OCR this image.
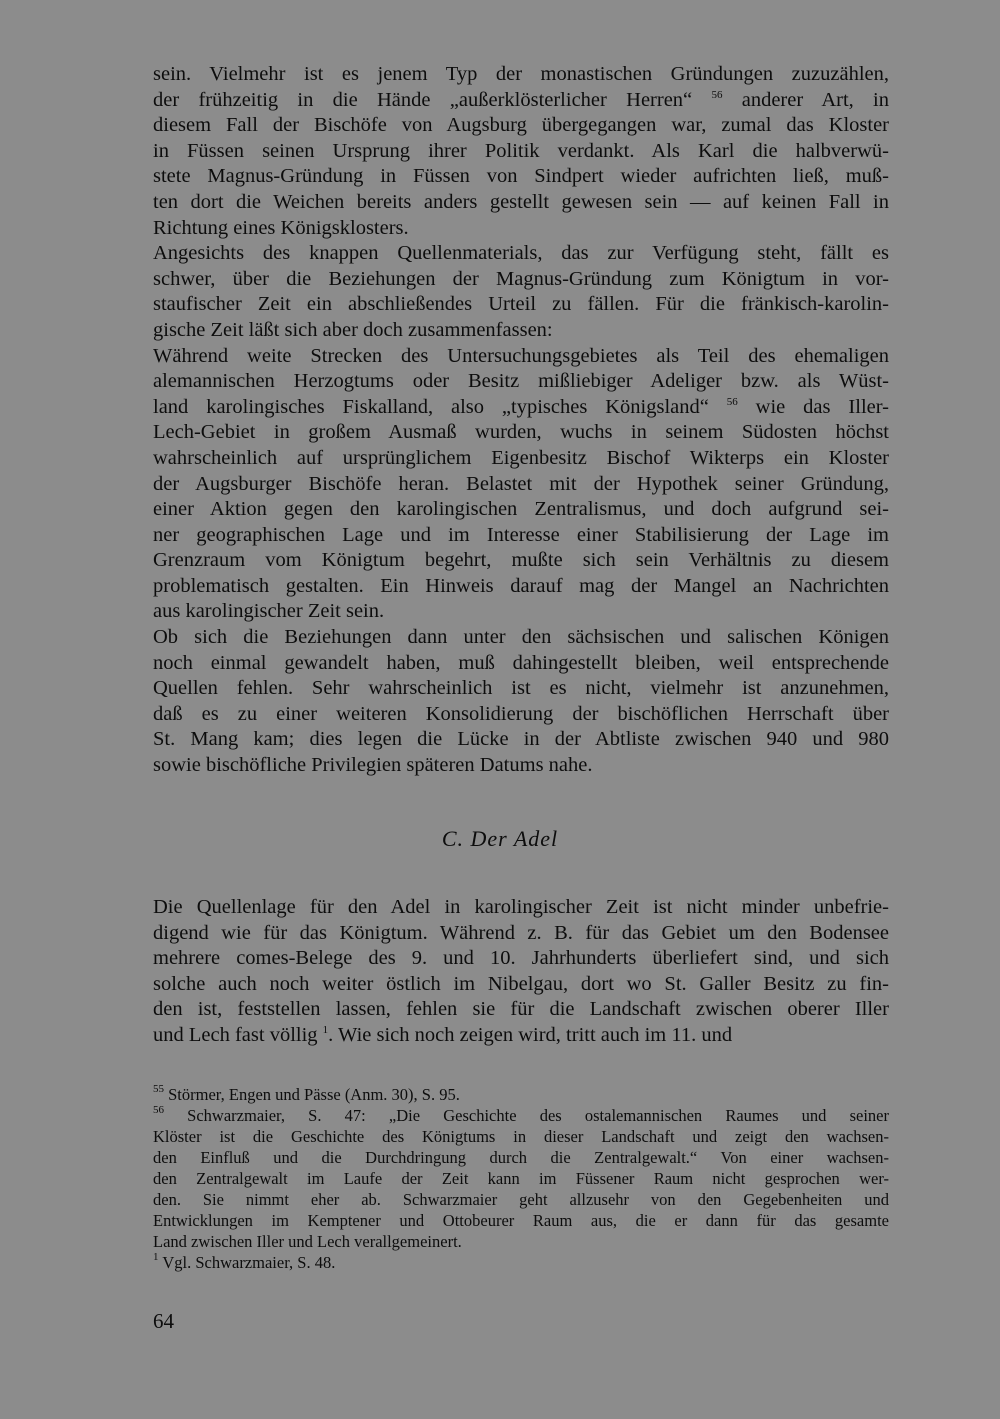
sein. Vielmehr ist es jenem Typ der monastischen Gründungen zuzuzählen,
der frühzeitig in die Hände „außerklösterlicher Herren“ $^{56}$ anderer Art, in
diesem Fall der Bischöfe von Augsburg übergegangen war, zumal das Kloster
in Füssen seinen Ursprung ihrer Politik verdankt. Als Karl die halbverwü-
stete Magnus-Gründung in Füssen von Sindpert wieder aufrichten ließ, muß-
ten dort die Weichen bereits anders gestellt gewesen sein — auf keinen Fall in
Richtung eines Königsklosters.

Angesichts des knappen Quellenmaterials, das zur Verfügung steht, fällt es
schwer, über die Beziehungen der Magnus-Gründung zum Königtum in vor-
staufischer Zeit ein abschließendes Urteil zu fällen. Für die fränkisch-karolin-
gische Zeit läßt sich aber doch zusammenfassen:

Während weite Strecken des Untersuchungsgebietes als Teil des ehemaligen
alemannischen Herzogtums oder Besitz mißliebiger Adeliger bzw. als Wüst-
land karolingisches Fiskalland, also „typisches Königsland“ $^{56}$ wie das Iller-
Lech-Gebiet in großem Ausmaß wurden, wuchs in seinem Südosten höchst
wahrscheinlich auf ursprünglichem Eigenbesitz Bischof Wikterps ein Kloster
der Augsburger Bischöfe heran. Belastet mit der Hypothek seiner Gründung,
einer Aktion gegen den karolingischen Zentralismus, und doch aufgrund sei-
ner geographischen Lage und im Interesse einer Stabilisierung der Lage im
Grenzraum vom Königtum begehrt, mußte sich sein Verhältnis zu diesem
problematisch gestalten. Ein Hinweis darauf mag der Mangel an Nachrichten
aus karolingischer Zeit sein.

Ob sich die Beziehungen dann unter den sächsischen und salischen Königen
noch einmal gewandelt haben, muß dahingestellt bleiben, weil entsprechende
Quellen fehlen. Sehr wahrscheinlich ist es nicht, vielmehr ist anzunehmen,
daß es zu einer weiteren Konsolidierung der bischöflichen Herrschaft über
St. Mang kam; dies legen die Lücke in der Abtliste zwischen 940 und 980
sowie bischöfliche Privilegien späteren Datums nahe.

C. Der Adel

Die Quellenlage für den Adel in karolingischer Zeit ist nicht minder unbefrie-
digend wie für das Königtum. Während z. B. für das Gebiet um den Bodensee
mehrere comes-Belege des 9. und 10. Jahrhunderts überliefert sind, und sich
solche auch noch weiter östlich im Nibelgau, dort wo St. Galler Besitz zu fin-
den ist, feststellen lassen, fehlen sie für die Landschaft zwischen oberer Iller
und Lech fast völlig $^1$. Wie sich noch zeigen wird, tritt auch im 11. und

$^{55}$ Störmer, Engen und Pässe (Anm. 30), S. 95.

$^{56}$ Schwarzmaier, S. 47: „Die Geschichte des ostalemannischen Raumes und seiner
Klöster ist die Geschichte des Königtums in dieser Landschaft und zeigt den wachsen-
den Einfluß und die Durchdringung durch die Zentralgewalt.“ Von einer wachsen-
den Zentralgewalt im Laufe der Zeit kann im Füssener Raum nicht gesprochen wer-
den. Sie nimmt eher ab. Schwarzmaier geht allzusehr von den Gegebenheiten und
Entwicklungen im Kemptener und Ottobeurer Raum aus, die er dann für das gesamte
Land zwischen Iller und Lech verallgemeinert.

$^1$ Vgl. Schwarzmaier, S. 48.

64
